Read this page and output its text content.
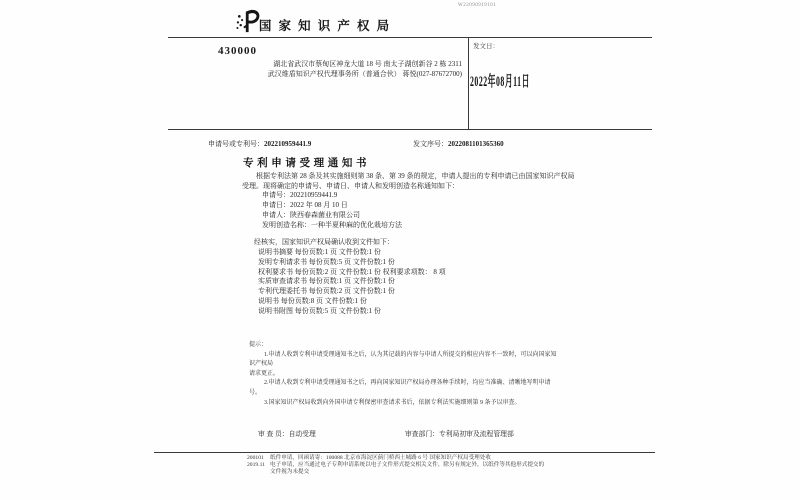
W22090919101
国 家 知 识 产 权 局
430000
湖北省武汉市蔡甸区神龙大道 18 号 南太子湖创新谷 2 栋 2311
武汉维盾知识产权代理事务所（普通合伙） 蒋悦(027-87672700)
发文日：
2022年08月11日
申请号或专利号：202210959441.9	发文序号：2022081101365360
专 利 申 请 受 理 通 知 书
根据专利法第 28 条及其实施细则第 38 条、第 39 条的规定，申请人提出的专利申请已由国家知识产权局
受理。现将确定的申请号、申请日、申请人和发明创造名称通知如下：
申请号：202210959441.9
申请日：2022 年 08 月 10 日
申请人：陕西春森菌业有限公司
发明创造名称：一种半夏种麻的优化栽培方法
经核实，国家知识产权局确认收到文件如下：
说明书摘要 每份页数:1 页 文件份数:1 份
发明专利请求书 每份页数:5 页 文件份数:1 份
权利要求书 每份页数:2 页 文件份数:1 份 权利要求项数： 8 项
实质审查请求书 每份页数:1 页 文件份数:1 份
专利代理委托书 每份页数:2 页 文件份数:1 份
说明书 每份页数:8 页 文件份数:1 份
说明书附图 每份页数:5 页 文件份数:1 份
提示：
1.申请人收到专利申请受理通知书之后，认为其记载的内容与申请人所提交的相应内容不一致时，可以向国家知识产权局
请求更正。
2.申请人收到专利申请受理通知书之后，再向国家知识产权局办理各种手续时，均应当准确、清晰地写明申请号。
3.国家知识产权局收到向外国申请专利保密审查请求书后，依据专利法实施细则第 9 条予以审查。
审 查 员：自动受理	审查部门：专利局初审及流程管理部
200101
2019.11
纸件申请，回函请寄：100088 北京市海淀区蓟门桥西土城路 6 号 国家知识产权局受理处收
电子申请，应当通过电子专利申请系统以电子文件形式提交相关文件，除另有规定外，以纸件等其他形式提交的
文件视为未提交
